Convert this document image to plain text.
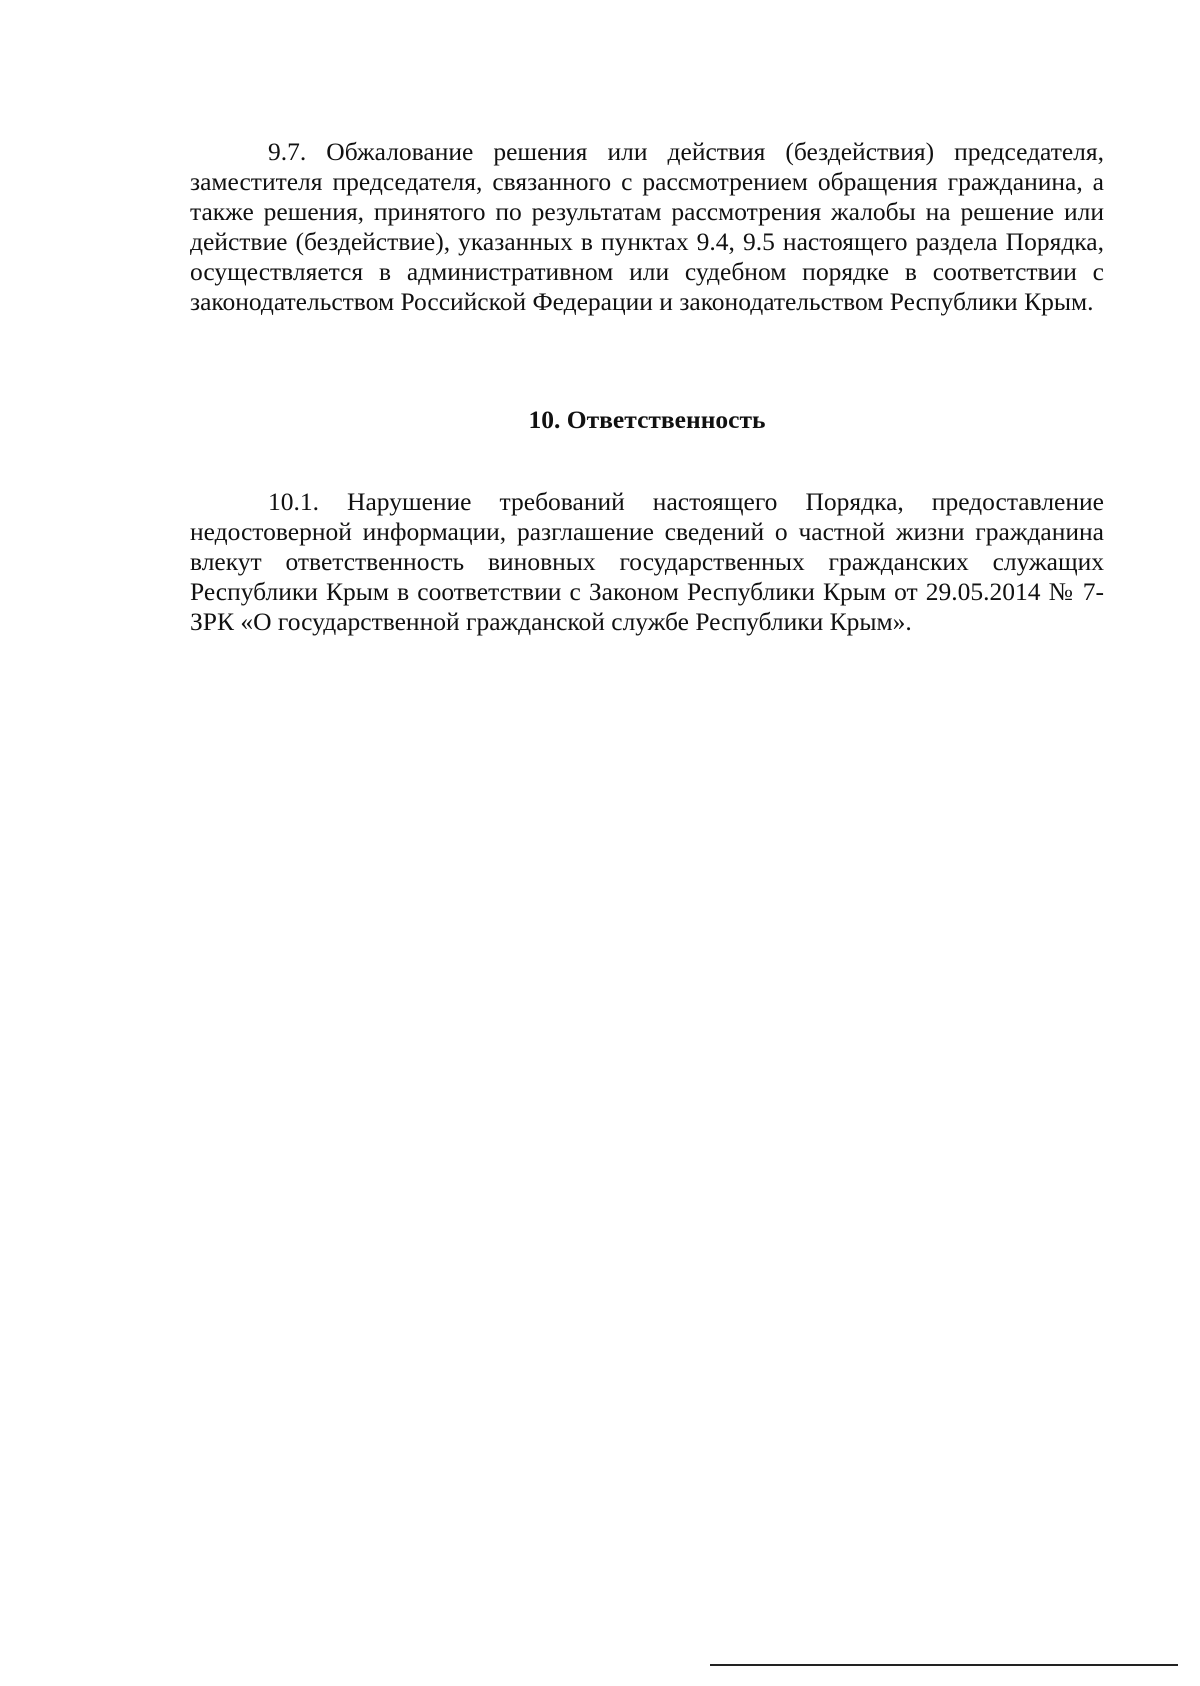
9.7. Обжалование решения или действия (бездействия) председателя, заместителя председателя, связанного с рассмотрением обращения гражданина, а также решения, принятого по результатам рассмотрения жалобы на решение или действие (бездействие), указанных в пунктах 9.4, 9.5 настоящего раздела Порядка, осуществляется в административном или судебном порядке в соответствии с законодательством Российской Федерации и законодательством Республики Крым.

10. Ответственность

10.1. Нарушение требований настоящего Порядка, предоставление недостоверной информации, разглашение сведений о частной жизни гражданина влекут ответственность виновных государственных гражданских служащих Республики Крым в соответствии с Законом Республики Крым от 29.05.2014 № 7-ЗРК «О государственной гражданской службе Республики Крым».
